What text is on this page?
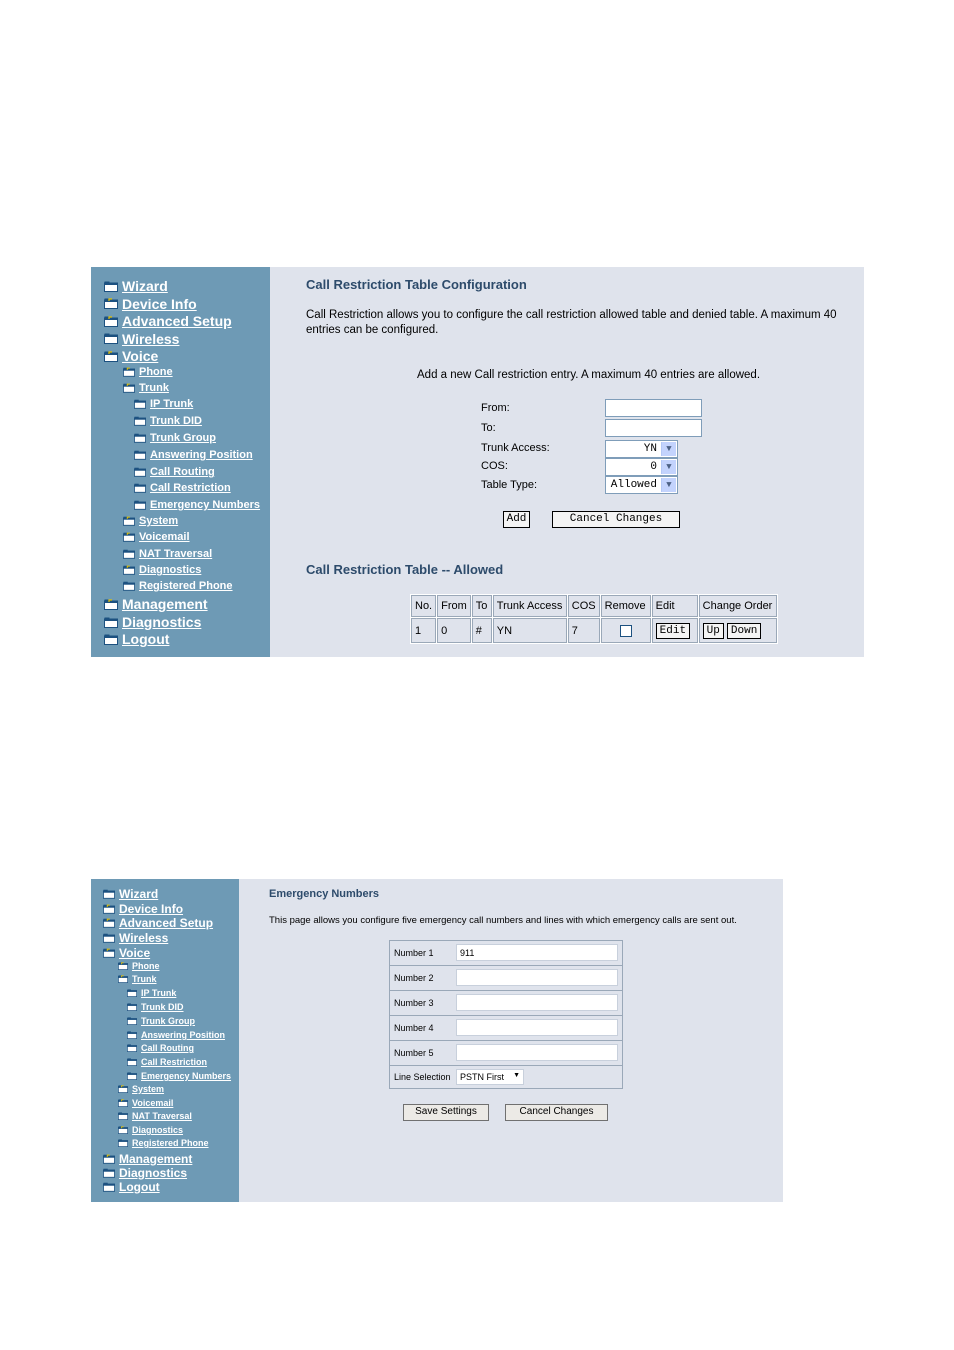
Wizard
Device Info
Advanced Setup
Wireless
Voice
Phone
Trunk
IP Trunk
Trunk DID
Trunk Group
Answering Position
Call Routing
Call Restriction
Emergency Numbers
System
Voicemail
NAT Traversal
Diagnostics
Registered Phone
Management
Diagnostics
Logout
Call Restriction Table Configuration
Call Restriction allows you to configure the call restriction allowed table and denied table. A maximum 40 entries can be configured.
Add a new Call restriction entry. A maximum 40 entries are allowed.
From:
To:
Trunk Access:	YN	▼
COS:	0	▼
Table Type:	Allowed	▼
Add	Cancel Changes
Call Restriction Table -- Allowed
No.	From	To	Trunk Access	COS	Remove	Edit	Change Order
1	0	#	YN	7		Edit	Up Down
Wizard
Device Info
Advanced Setup
Wireless
Voice
Phone
Trunk
IP Trunk
Trunk DID
Trunk Group
Answering Position
Call Routing
Call Restriction
Emergency Numbers
System
Voicemail
NAT Traversal
Diagnostics
Registered Phone
Management
Diagnostics
Logout
Emergency Numbers
This page allows you configure five emergency call numbers and lines with which emergency calls are sent out.
Number 1	911
Number 2
Number 3
Number 4
Number 5
Line Selection	PSTN First ▼
Save Settings	Cancel Changes
